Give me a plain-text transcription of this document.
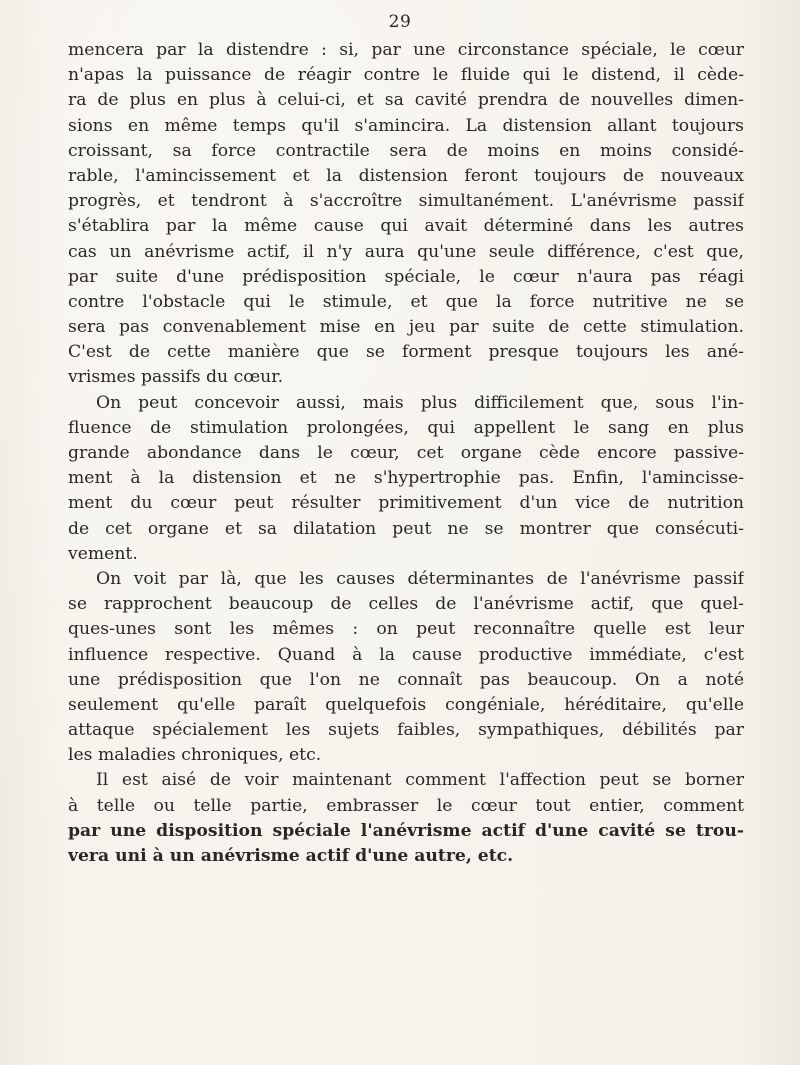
29
mencera par la distendre : si, par une circonstance spéciale, le cœur
n'apas la puissance de réagir contre le fluide qui le distend, il cède-
ra de plus en plus à celui-ci, et sa cavité prendra de nouvelles dimen-
sions en même temps qu'il s'amincira. La distension allant toujours
croissant, sa force contractile sera de moins en moins considé-
rable, l'amincissement et la distension feront toujours de nouveaux
progrès, et tendront à s'accroître simultanément. L'anévrisme passif
s'établira par la même cause qui avait déterminé dans les autres
cas un anévrisme actif, il n'y aura qu'une seule différence, c'est que,
par suite d'une prédisposition spéciale, le cœur n'aura pas réagi
contre l'obstacle qui le stimule, et que la force nutritive ne se
sera pas convenablement mise en jeu par suite de cette stimulation.
C'est de cette manière que se forment presque toujours les ané-
vrismes passifs du cœur.
On peut concevoir aussi, mais plus difficilement que, sous l'in-
fluence de stimulation prolongées, qui appellent le sang en plus
grande abondance dans le cœur, cet organe cède encore passive-
ment à la distension et ne s'hypertrophie pas. Enfin, l'amincisse-
ment du cœur peut résulter primitivement d'un vice de nutrition
de cet organe et sa dilatation peut ne se montrer que consécuti-
vement.
On voit par là, que les causes déterminantes de l'anévrisme passif
se rapprochent beaucoup de celles de l'anévrisme actif, que quel-
ques-unes sont les mêmes : on peut reconnaître quelle est leur
influence respective. Quand à la cause productive immédiate, c'est
une prédisposition que l'on ne connaît pas beaucoup. On a noté
seulement qu'elle paraît quelquefois congéniale, héréditaire, qu'elle
attaque spécialement les sujets faibles, sympathiques, débilités par
les maladies chroniques, etc.
Il est aisé de voir maintenant comment l'affection peut se borner
à telle ou telle partie, embrasser le cœur tout entier, comment
par une disposition spéciale l'anévrisme actif d'une cavité se trou-
vera uni à un anévrisme actif d'une autre, etc.
